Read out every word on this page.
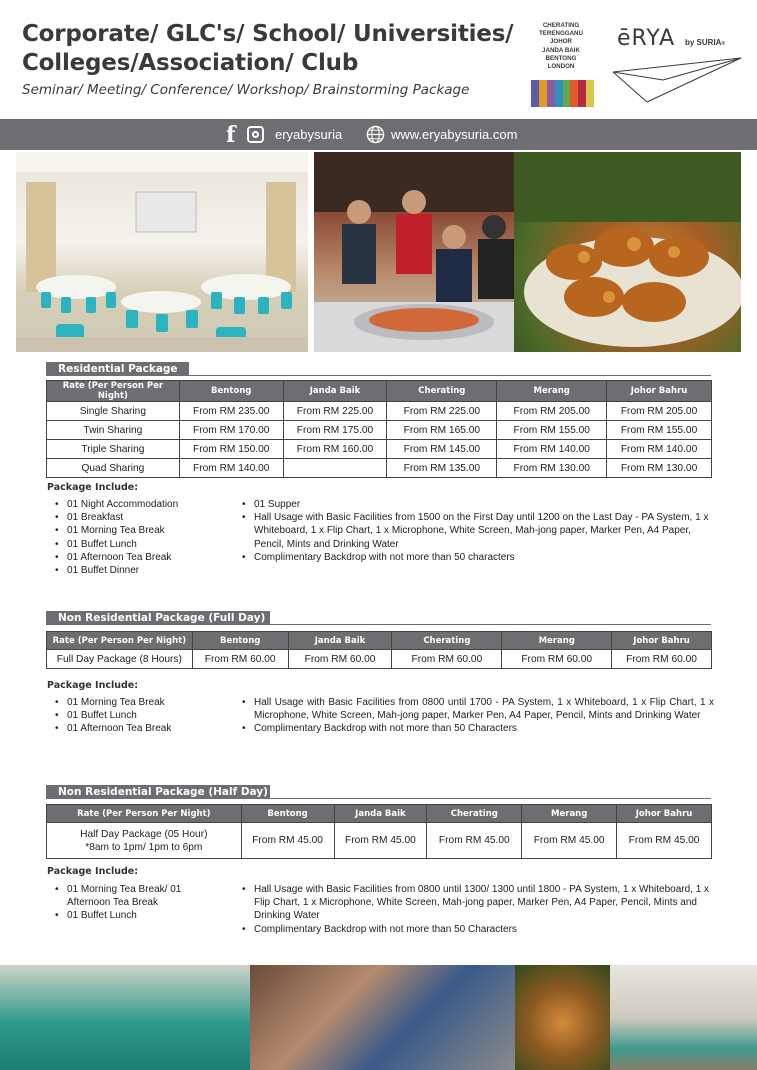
Corporate/ GLC's/ School/ Universities/
Colleges/Association/ Club
Seminar/ Meeting/ Conference/ Workshop/ Brainstorming Package
CHERATING
TERENGGANU
JOHOR
JANDA BAIK
BENTONG
LONDON
ēRYA by SURIA®
f	eryabysuria	www.eryabysuria.com
Residential Package
Rate (Per Person Per Night)	Bentong	Janda Baik	Cherating	Merang	Johor Bahru
Single Sharing	From RM 235.00	From RM 225.00	From RM 225.00	From RM 205.00	From RM 205.00
Twin Sharing	From RM 170.00	From RM 175.00	From RM 165.00	From RM 155.00	From RM 155.00
Triple Sharing	From RM 150.00	From RM 160.00	From RM 145.00	From RM 140.00	From RM 140.00
Quad Sharing	From RM 140.00		From RM 135.00	From RM 130.00	From RM 130.00
Package Include:
• 01 Night Accommodation
• 01 Breakfast
• 01 Morning Tea Break
• 01 Buffet Lunch
• 01 Afternoon Tea Break
• 01 Buffet Dinner
• 01 Supper
• Hall Usage with Basic Facilities from 1500 on the First Day until 1200 on the Last Day - PA System, 1 x Whiteboard, 1 x Flip Chart, 1 x Microphone, White Screen, Mah-jong paper, Marker Pen, A4 Paper, Pencil, Mints and Drinking Water
• Complimentary Backdrop with not more than 50 characters
Non Residential Package (Full Day)
Rate (Per Person Per Night)	Bentong	Janda Baik	Cherating	Merang	Johor Bahru
Full Day Package (8 Hours)	From RM 60.00	From RM 60.00	From RM 60.00	From RM 60.00	From RM 60.00
Package Include:
• 01 Morning Tea Break
• 01 Buffet Lunch
• 01 Afternoon Tea Break
• Hall Usage with Basic Facilities from 0800 until 1700 - PA System, 1 x Whiteboard, 1 x Flip Chart, 1 x Microphone, White Screen, Mah-jong paper, Marker Pen, A4 Paper, Pencil, Mints and Drinking Water
• Complimentary Backdrop with not more than 50 Characters
Non Residential Package (Half Day)
Rate (Per Person Per Night)	Bentong	Janda Baik	Cherating	Merang	Johor Bahru

Half Day Package (05 Hour)
*8am to 1pm/ 1pm to 6pm	From RM 45.00	From RM 45.00	From RM 45.00	From RM 45.00	From RM 45.00
Package Include:
• 01 Morning Tea Break/ 01 Afternoon Tea Break
• 01 Buffet Lunch
• Hall Usage with Basic Facilities from 0800 until 1300/ 1300 until 1800 - PA System, 1 x Whiteboard, 1 x Flip Chart, 1 x Microphone, White Screen, Mah-jong paper, Marker Pen, A4 Paper, Pencil, Mints and Drinking Water
• Complimentary Backdrop with not more than 50 Characters
